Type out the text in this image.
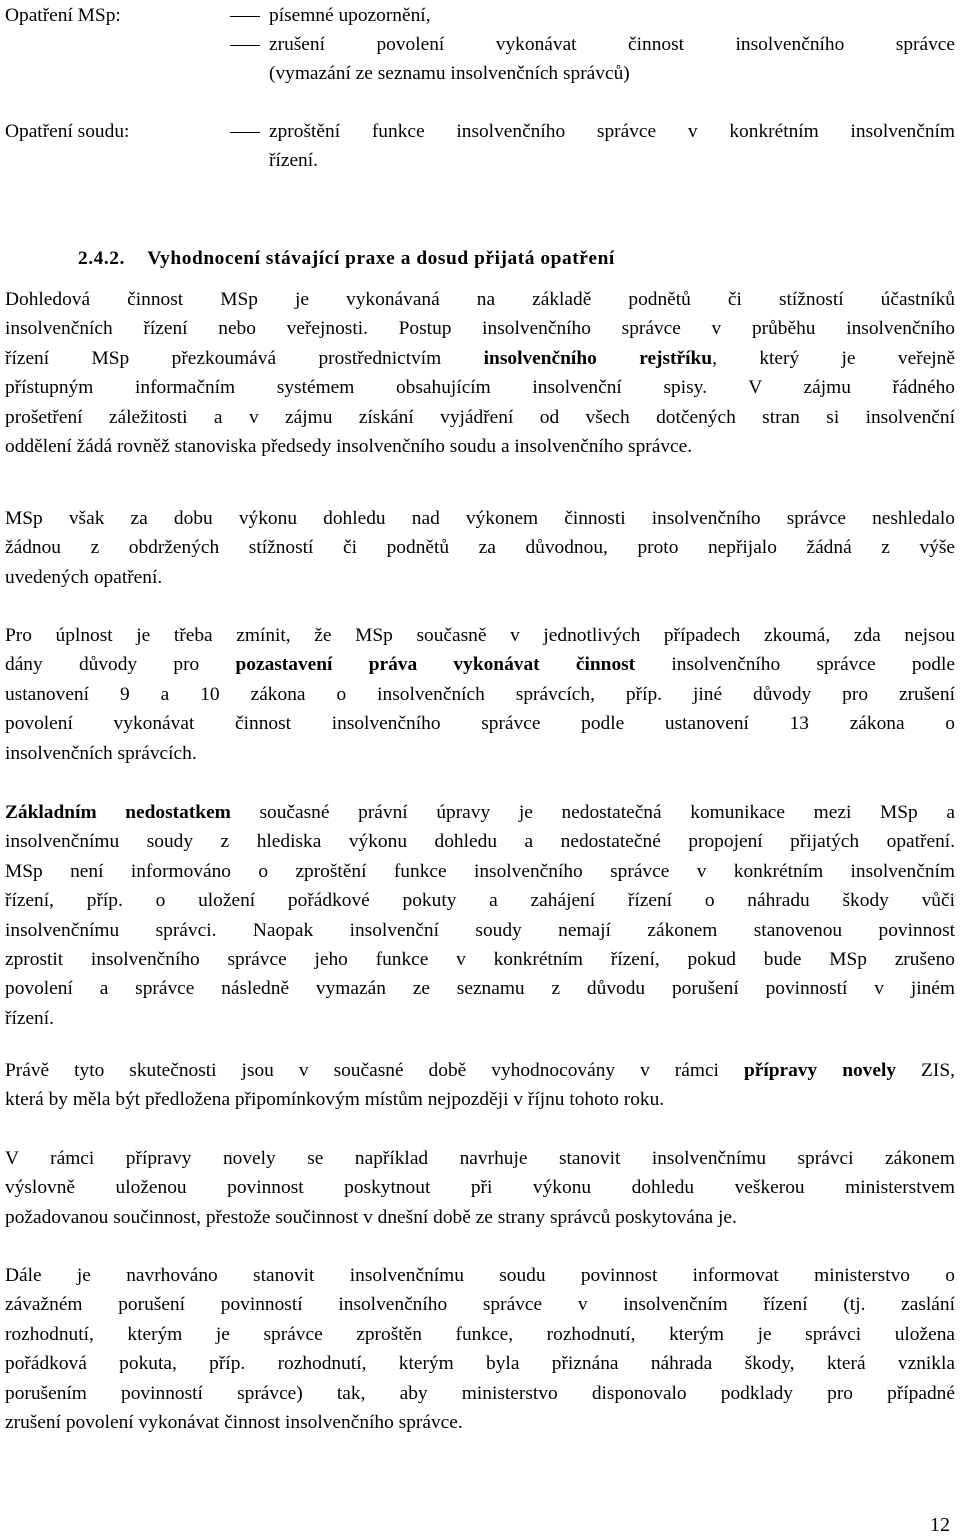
Opatření MSp:	písemné upozornění,
zrušení povolení vykonávat činnost insolvenčního správce
(vymazání ze seznamu insolvenčních správců)
Opatření soudu:	zproštění funkce insolvenčního správce v konkrétním insolvenčním
řízení.
2.4.2. Vyhodnocení stávající praxe a dosud přijatá opatření
Dohledová činnost MSp je vykonávaná na základě podnětů či stížností účastníků
insolvenčních řízení nebo veřejnosti. Postup insolvenčního správce v průběhu insolvenčního
řízení MSp přezkoumává prostřednictvím insolvenčního rejstříku, který je veřejně
přístupným informačním systémem obsahujícím insolvenční spisy. V zájmu řádného
prošetření záležitosti a v zájmu získání vyjádření od všech dotčených stran si insolvenční
oddělení žádá rovněž stanoviska předsedy insolvenčního soudu a insolvenčního správce.
MSp však za dobu výkonu dohledu nad výkonem činnosti insolvenčního správce neshledalo
žádnou z obdržených stížností či podnětů za důvodnou, proto nepřijalo žádná z výše
uvedených opatření.
Pro úplnost je třeba zmínit, že MSp současně v jednotlivých případech zkoumá, zda nejsou
dány důvody pro pozastavení práva vykonávat činnost insolvenčního správce podle
ustanovení 9 a 10 zákona o insolvenčních správcích, příp. jiné důvody pro zrušení
povolení vykonávat činnost insolvenčního správce podle ustanovení 13 zákona o
insolvenčních správcích.
Základním nedostatkem současné právní úpravy je nedostatečná komunikace mezi MSp a
insolvenčnímu soudy z hlediska výkonu dohledu a nedostatečné propojení přijatých opatření.
MSp není informováno o zproštění funkce insolvenčního správce v konkrétním insolvenčním
řízení, příp. o uložení pořádkové pokuty a zahájení řízení o náhradu škody vůči
insolvenčnímu správci. Naopak insolvenční soudy nemají zákonem stanovenou povinnost
zprostit insolvenčního správce jeho funkce v konkrétním řízení, pokud bude MSp zrušeno
povolení a správce následně vymazán ze seznamu z důvodu porušení povinností v jiném
řízení.
Právě tyto skutečnosti jsou v současné době vyhodnocovány v rámci přípravy novely ZIS,
která by měla být předložena připomínkovým místům nejpozději v říjnu tohoto roku.
V rámci přípravy novely se například navrhuje stanovit insolvenčnímu správci zákonem
výslovně uloženou povinnost poskytnout při výkonu dohledu veškerou ministerstvem
požadovanou součinnost, přestože součinnost v dnešní době ze strany správců poskytována je.
Dále je navrhováno stanovit insolvenčnímu soudu povinnost informovat ministerstvo o
závažném porušení povinností insolvenčního správce v insolvenčním řízení (tj. zaslání
rozhodnutí, kterým je správce zproštěn funkce, rozhodnutí, kterým je správci uložena
pořádková pokuta, příp. rozhodnutí, kterým byla přiznána náhrada škody, která vznikla
porušením povinností správce) tak, aby ministerstvo disponovalo podklady pro případné
zrušení povolení vykonávat činnost insolvenčního správce.
12
